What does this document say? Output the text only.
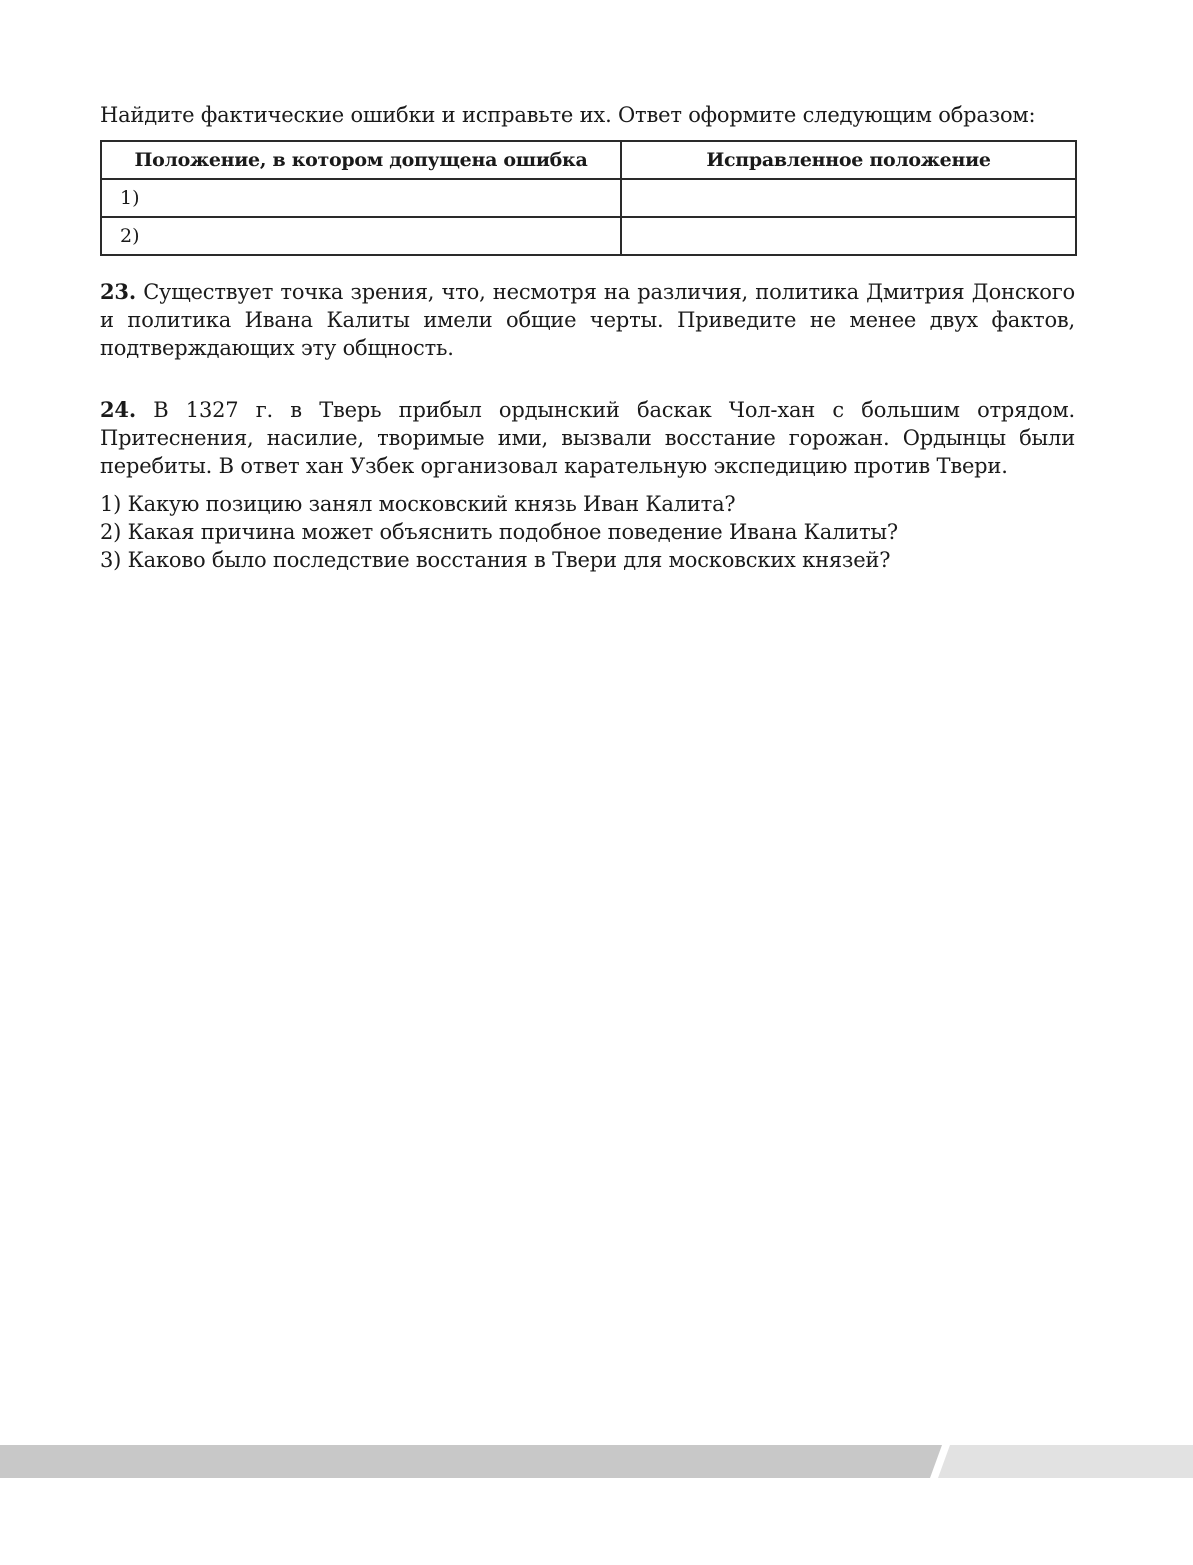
Найдите фактические ошибки и исправьте их. Ответ оформите следующим образом:

Положение, в котором допущена ошибка	Исправленное положение
1)	
2)	

23. Существует точка зрения, что, несмотря на различия, политика Дмитрия Донского и политика Ивана Калиты имели общие черты. Приведите не менее двух фактов, подтверждающих эту общность.

24. В 1327 г. в Тверь прибыл ордынский баскак Чол-хан с большим отрядом. Притеснения, насилие, творимые ими, вызвали восстание горожан. Ордынцы были перебиты. В ответ хан Узбек организовал карательную экспедицию против Твери.

1) Какую позицию занял московский князь Иван Калита?
2) Какая причина может объяснить подобное поведение Ивана Калиты?
3) Каково было последствие восстания в Твери для московских князей?
